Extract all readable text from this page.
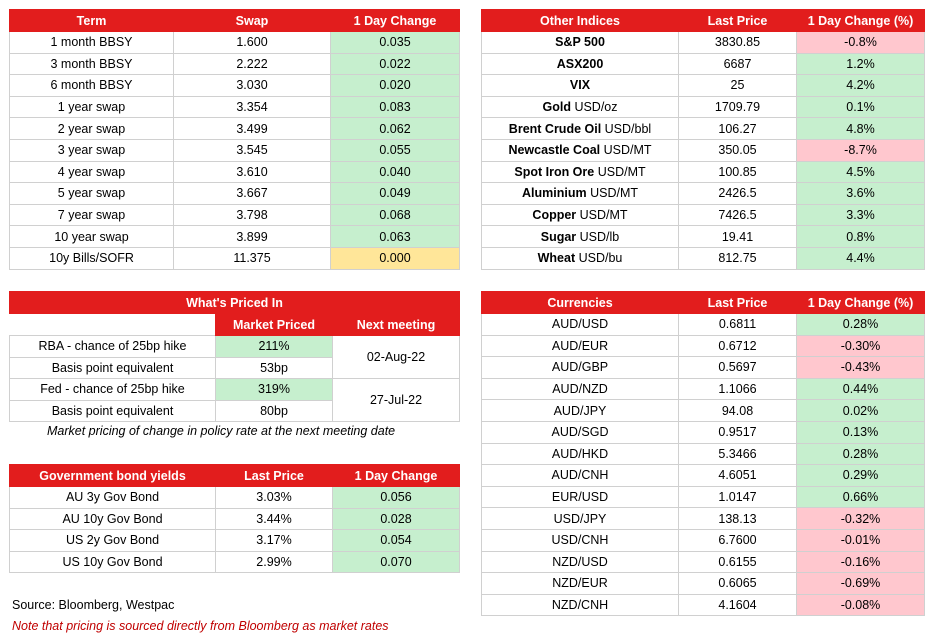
Term	Swap	1 Day Change
1 month BBSY	1.600	0.035
3 month BBSY	2.222	0.022
6 month BBSY	3.030	0.020
1 year swap	3.354	0.083
2 year swap	3.499	0.062
3 year swap	3.545	0.055
4 year swap	3.610	0.040
5 year swap	3.667	0.049
7 year swap	3.798	0.068
10 year swap	3.899	0.063
10y Bills/SOFR	11.375	0.000
What's Priced In		
	Market Priced	Next meeting
RBA - chance of 25bp hike	211%	02-Aug-22
Basis point equivalent	53bp	
Fed - chance of 25bp hike	319%	27-Jul-22
Basis point equivalent	80bp	
Market pricing of change in policy rate at the next meeting date
Government bond yields	Last Price	1 Day Change
AU 3y Gov Bond	3.03%	0.056
AU 10y Gov Bond	3.44%	0.028
US 2y Gov Bond	3.17%	0.054
US 10y Gov Bond	2.99%	0.070
Other Indices	Last Price	1 Day Change (%)
S&P 500	3830.85	-0.8%
ASX200	6687	1.2%
VIX	25	4.2%
Gold USD/oz	1709.79	0.1%
Brent Crude Oil USD/bbl	106.27	4.8%
Newcastle Coal USD/MT	350.05	-8.7%
Spot Iron Ore USD/MT	100.85	4.5%
Aluminium USD/MT	2426.5	3.6%
Copper USD/MT	7426.5	3.3%
Sugar USD/lb	19.41	0.8%
Wheat USD/bu	812.75	4.4%
Currencies	Last Price	1 Day Change (%)
AUD/USD	0.6811	0.28%
AUD/EUR	0.6712	-0.30%
AUD/GBP	0.5697	-0.43%
AUD/NZD	1.1066	0.44%
AUD/JPY	94.08	0.02%
AUD/SGD	0.9517	0.13%
AUD/HKD	5.3466	0.28%
AUD/CNH	4.6051	0.29%
EUR/USD	1.0147	0.66%
USD/JPY	138.13	-0.32%
USD/CNH	6.7600	-0.01%
NZD/USD	0.6155	-0.16%
NZD/EUR	0.6065	-0.69%
NZD/CNH	4.1604	-0.08%
Source: Bloomberg, Westpac
Note that pricing is sourced directly from Bloomberg as market rates
